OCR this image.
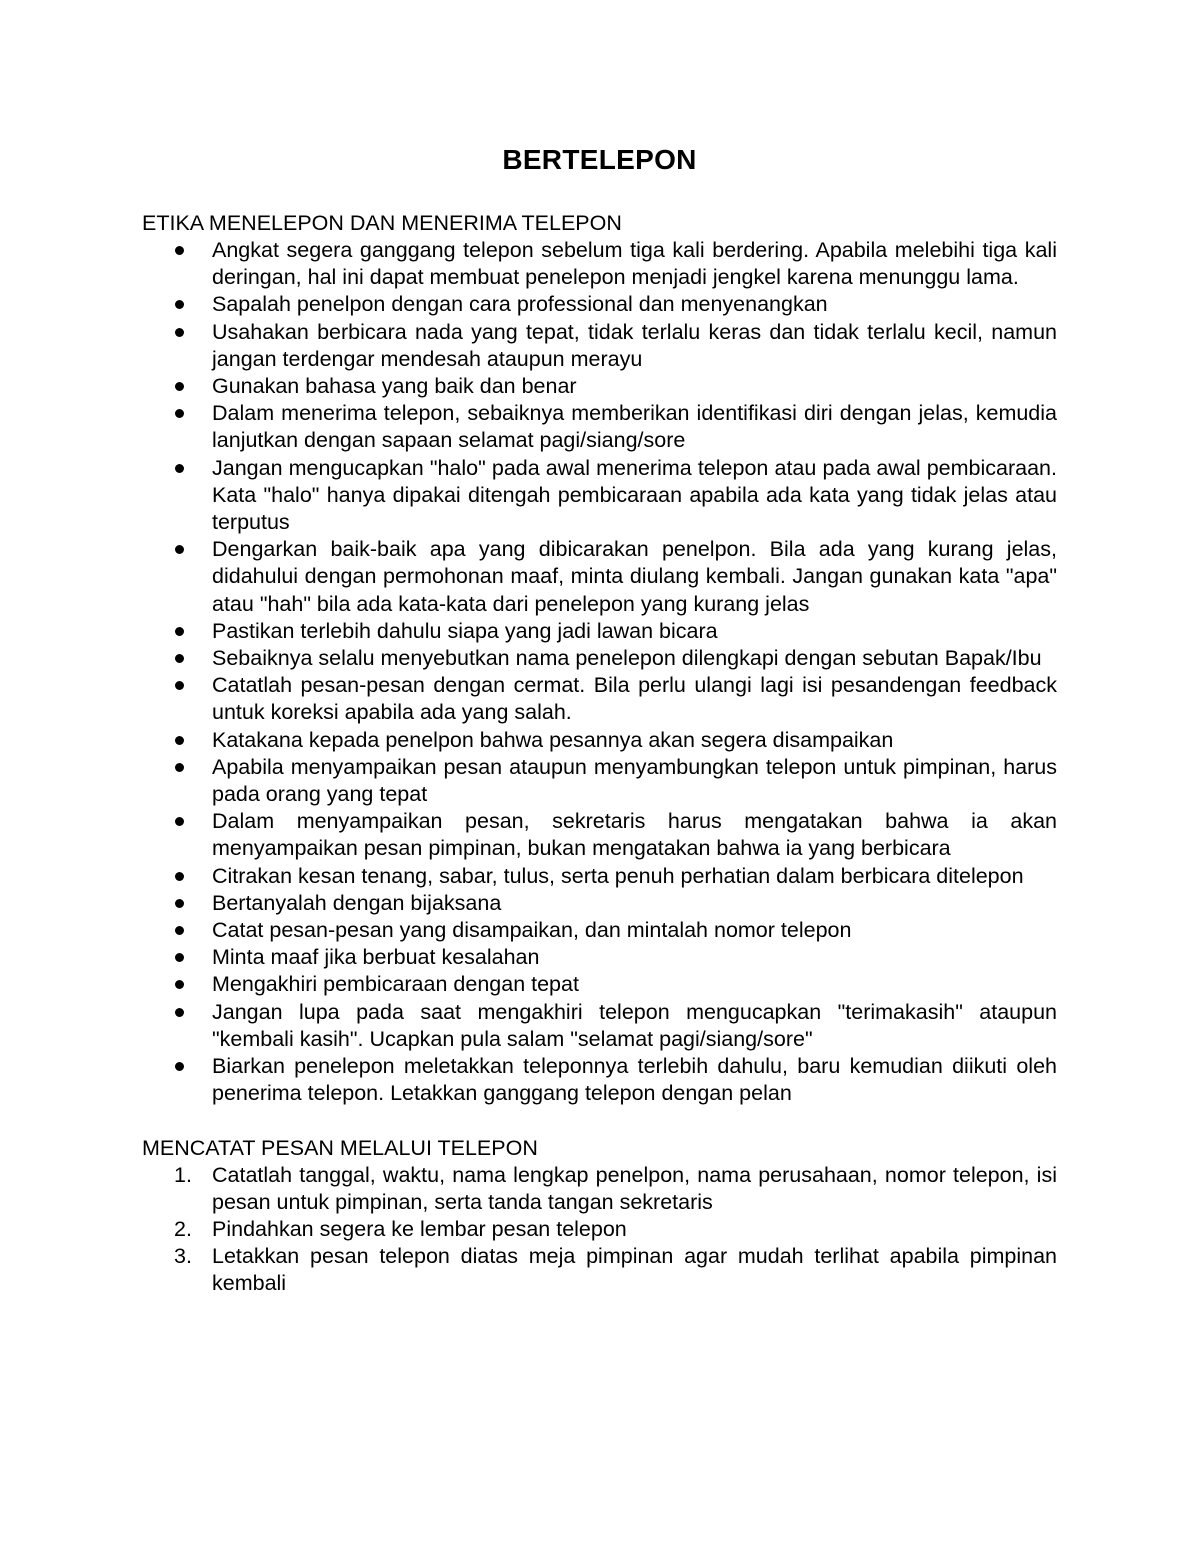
BERTELEPON
ETIKA MENELEPON DAN MENERIMA TELEPON
Angkat segera ganggang telepon sebelum tiga kali berdering. Apabila melebihi tiga kali deringan, hal ini dapat membuat penelepon menjadi jengkel karena menunggu lama.
Sapalah penelpon dengan cara professional dan menyenangkan
Usahakan berbicara nada yang tepat, tidak terlalu keras dan tidak terlalu kecil, namun jangan terdengar mendesah ataupun merayu
Gunakan bahasa yang baik dan benar
Dalam menerima telepon, sebaiknya memberikan identifikasi diri dengan jelas, kemudia lanjutkan dengan sapaan selamat pagi/siang/sore
Jangan mengucapkan "halo" pada awal menerima telepon atau pada awal pembicaraan. Kata "halo" hanya dipakai ditengah pembicaraan apabila ada kata yang tidak jelas atau terputus
Dengarkan baik-baik apa yang dibicarakan penelpon. Bila ada yang kurang jelas, didahului dengan permohonan maaf, minta diulang kembali. Jangan gunakan kata "apa" atau "hah" bila ada kata-kata dari penelepon yang kurang jelas
Pastikan terlebih dahulu siapa yang jadi lawan bicara
Sebaiknya selalu menyebutkan nama penelepon dilengkapi dengan sebutan Bapak/Ibu
Catatlah pesan-pesan dengan cermat. Bila perlu ulangi lagi isi pesandengan feedback untuk koreksi apabila ada yang salah.
Katakana kepada penelpon bahwa pesannya akan segera disampaikan
Apabila menyampaikan pesan ataupun menyambungkan telepon untuk pimpinan, harus pada orang yang tepat
Dalam menyampaikan pesan, sekretaris harus mengatakan bahwa ia akan menyampaikan pesan pimpinan, bukan mengatakan bahwa ia yang berbicara
Citrakan kesan tenang, sabar, tulus, serta penuh perhatian dalam berbicara ditelepon
Bertanyalah dengan bijaksana
Catat pesan-pesan yang disampaikan, dan mintalah nomor telepon
Minta maaf jika berbuat kesalahan
Mengakhiri pembicaraan dengan tepat
Jangan lupa pada saat mengakhiri telepon mengucapkan "terimakasih" ataupun "kembali kasih". Ucapkan pula salam "selamat pagi/siang/sore"
Biarkan penelepon meletakkan teleponnya terlebih dahulu, baru kemudian diikuti oleh penerima telepon. Letakkan ganggang telepon dengan pelan
MENCATAT PESAN MELALUI TELEPON
1. Catatlah tanggal, waktu, nama lengkap penelpon, nama perusahaan, nomor telepon, isi pesan untuk pimpinan, serta tanda tangan sekretaris
2. Pindahkan segera ke lembar pesan telepon
3. Letakkan pesan telepon diatas meja pimpinan agar mudah terlihat apabila pimpinan kembali
